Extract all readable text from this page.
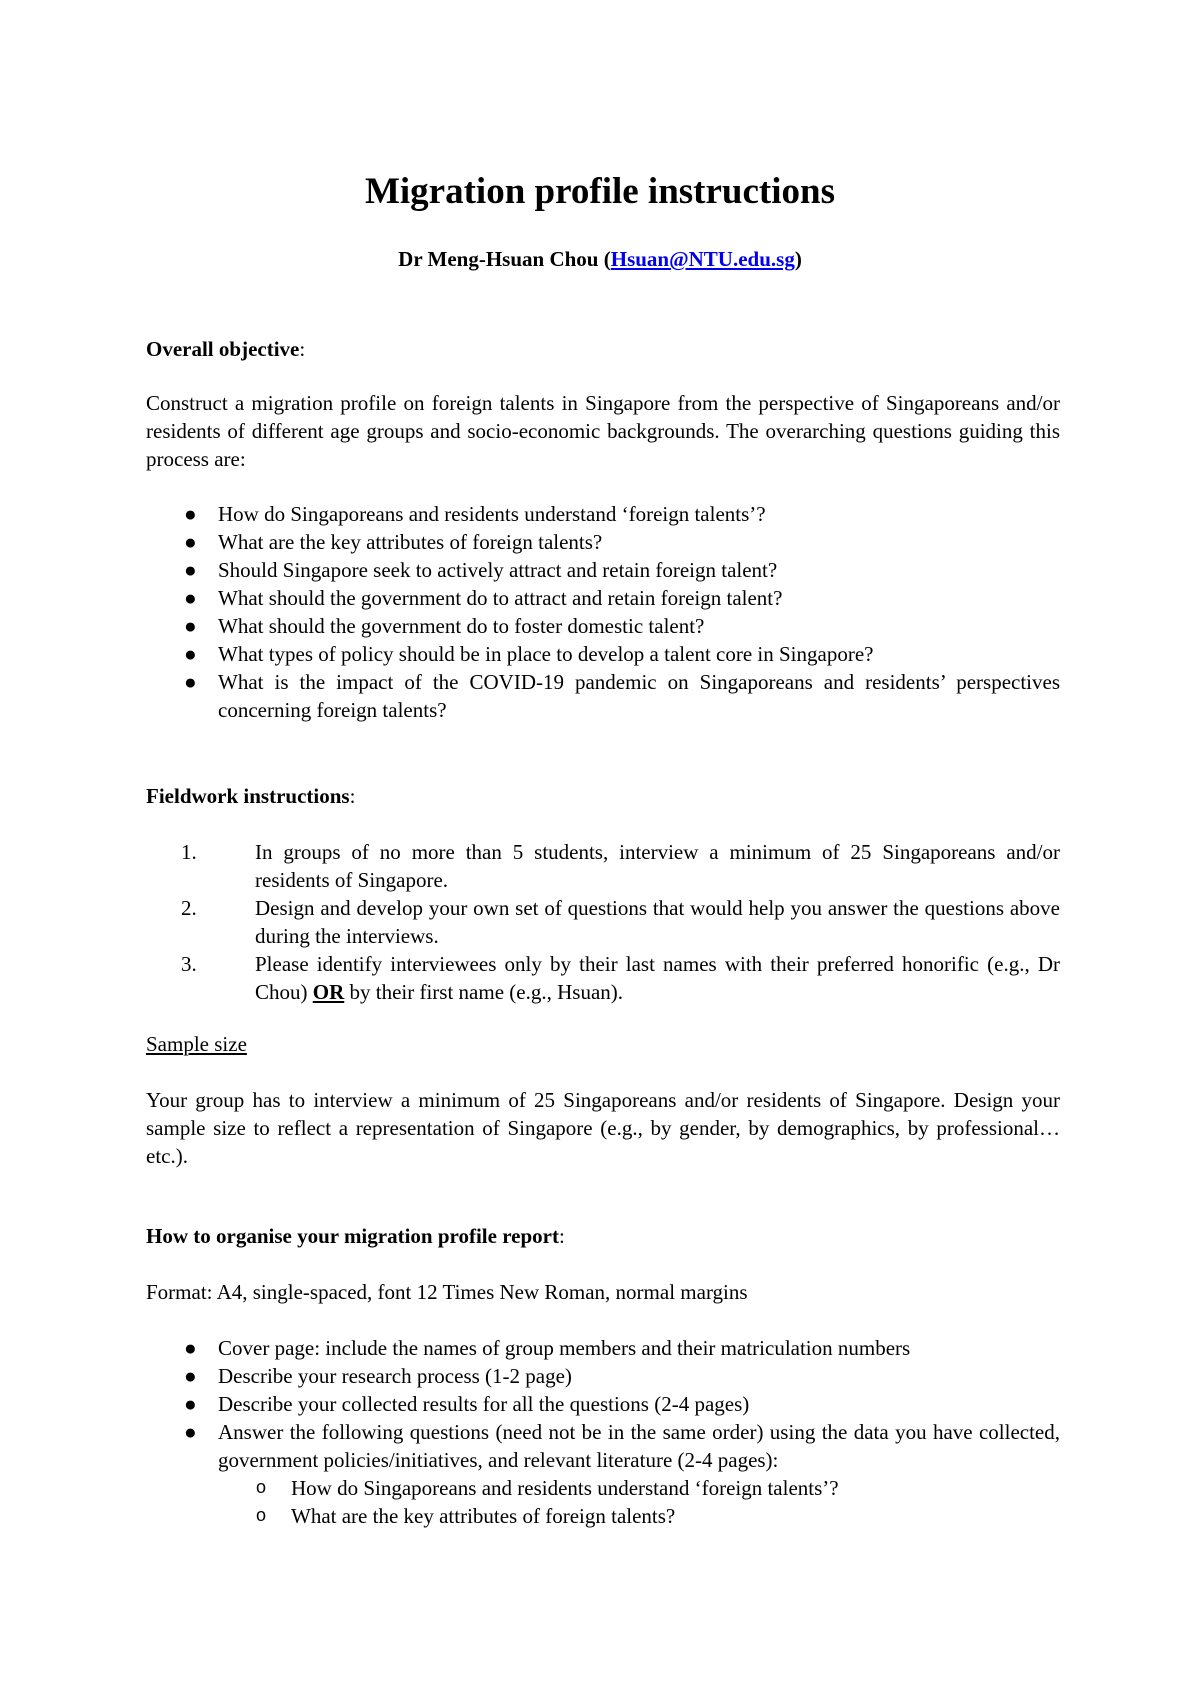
Migration profile instructions
Dr Meng-Hsuan Chou (Hsuan@NTU.edu.sg)
Overall objective:
Construct a migration profile on foreign talents in Singapore from the perspective of Singaporeans and/or residents of different age groups and socio-economic backgrounds. The overarching questions guiding this process are:
● How do Singaporeans and residents understand ‘foreign talents’?
● What are the key attributes of foreign talents?
● Should Singapore seek to actively attract and retain foreign talent?
● What should the government do to attract and retain foreign talent?
● What should the government do to foster domestic talent?
● What types of policy should be in place to develop a talent core in Singapore?
● What is the impact of the COVID-19 pandemic on Singaporeans and residents’ perspectives concerning foreign talents?
Fieldwork instructions:
1.	In groups of no more than 5 students, interview a minimum of 25 Singaporeans and/or residents of Singapore.
2.	Design and develop your own set of questions that would help you answer the questions above during the interviews.
3.	Please identify interviewees only by their last names with their preferred honorific (e.g., Dr Chou) OR by their first name (e.g., Hsuan).
Sample size
Your group has to interview a minimum of 25 Singaporeans and/or residents of Singapore. Design your sample size to reflect a representation of Singapore (e.g., by gender, by demographics, by professional…etc.).
How to organise your migration profile report:
Format: A4, single-spaced, font 12 Times New Roman, normal margins
● Cover page: include the names of group members and their matriculation numbers
● Describe your research process (1-2 page)
● Describe your collected results for all the questions (2-4 pages)
● Answer the following questions (need not be in the same order) using the data you have collected, government policies/initiatives, and relevant literature (2-4 pages):
o How do Singaporeans and residents understand ‘foreign talents’?
o What are the key attributes of foreign talents?
